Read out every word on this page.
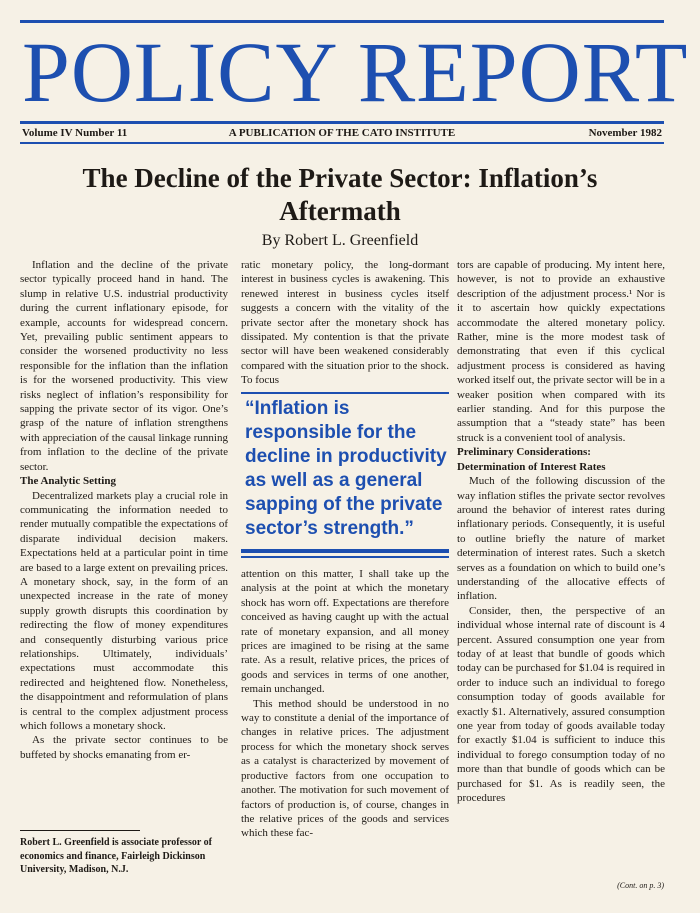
POLICY REPORT
Volume IV Number 11	A PUBLICATION OF THE CATO INSTITUTE	November 1982
The Decline of the Private Sector: Inflation’s Aftermath
By Robert L. Greenfield

Inflation and the decline of the private sector typically proceed hand in hand. The slump in relative U.S. industrial productivity during the current inflationary episode, for example, accounts for widespread concern. Yet, prevailing public sentiment appears to consider the worsened productivity no less responsible for the inflation than the inflation is for the worsened productivity. This view risks neglect of inflation’s responsibility for sapping the private sector of its vigor. One’s grasp of the nature of inflation strengthens with appreciation of the causal linkage running from inflation to the decline of the private sector.

The Analytic Setting

Decentralized markets play a crucial role in communicating the information needed to render mutually compatible the expectations of disparate individual decision makers. Expectations held at a particular point in time are based to a large extent on prevailing prices. A monetary shock, say, in the form of an unexpected increase in the rate of money supply growth disrupts this coordination by redirecting the flow of money expenditures and consequently disturbing various price relationships. Ultimately, individuals’ expectations must accommodate this redirected and heightened flow. Nonetheless, the disappointment and reformulation of plans is central to the complex adjustment process which follows a monetary shock.

As the private sector continues to be buffeted by shocks emanating from er-

ratic monetary policy, the long-dormant interest in business cycles is awakening. This renewed interest in business cycles itself suggests a concern with the vitality of the private sector after the monetary shock has dissipated. My contention is that the private sector will have been weakened considerably compared with the situation prior to the shock. To focus

“Inflation is responsible for the decline in productivity as well as a general sapping of the private sector’s strength.”

attention on this matter, I shall take up the analysis at the point at which the monetary shock has worn off. Expectations are therefore conceived as having caught up with the actual rate of monetary expansion, and all money prices are imagined to be rising at the same rate. As a result, relative prices, the prices of goods and services in terms of one another, remain unchanged.

This method should be understood in no way to constitute a denial of the importance of changes in relative prices. The adjustment process for which the monetary shock serves as a catalyst is characterized by movement of productive factors from one occupation to another. The motivation for such movement of factors of production is, of course, changes in the relative prices of the goods and services which these fac-

tors are capable of producing. My intent here, however, is not to provide an exhaustive description of the adjustment process.¹ Nor is it to ascertain how quickly expectations accommodate the altered monetary policy. Rather, mine is the more modest task of demonstrating that even if this cyclical adjustment process is considered as having worked itself out, the private sector will be in a weaker position when compared with its earlier standing. And for this purpose the assumption that a “steady state” has been struck is a convenient tool of analysis.

Preliminary Considerations:
Determination of Interest Rates

Much of the following discussion of the way inflation stifles the private sector revolves around the behavior of interest rates during inflationary periods. Consequently, it is useful to outline briefly the nature of market determination of interest rates. Such a sketch serves as a foundation on which to build one’s understanding of the allocative effects of inflation.

Consider, then, the perspective of an individual whose internal rate of discount is 4 percent. Assured consumption one year from today of at least that bundle of goods which today can be purchased for $1.04 is required in order to induce such an individual to forego consumption today of goods available for exactly $1. Alternatively, assured consumption one year from today of goods available today for exactly $1.04 is sufficient to induce this individual to forego consumption today of no more than that bundle of goods which can be purchased for $1. As is readily seen, the procedures

Robert L. Greenfield is associate professor of economics and finance, Fairleigh Dickinson University, Madison, N.J.
(Cont. on p. 3)
